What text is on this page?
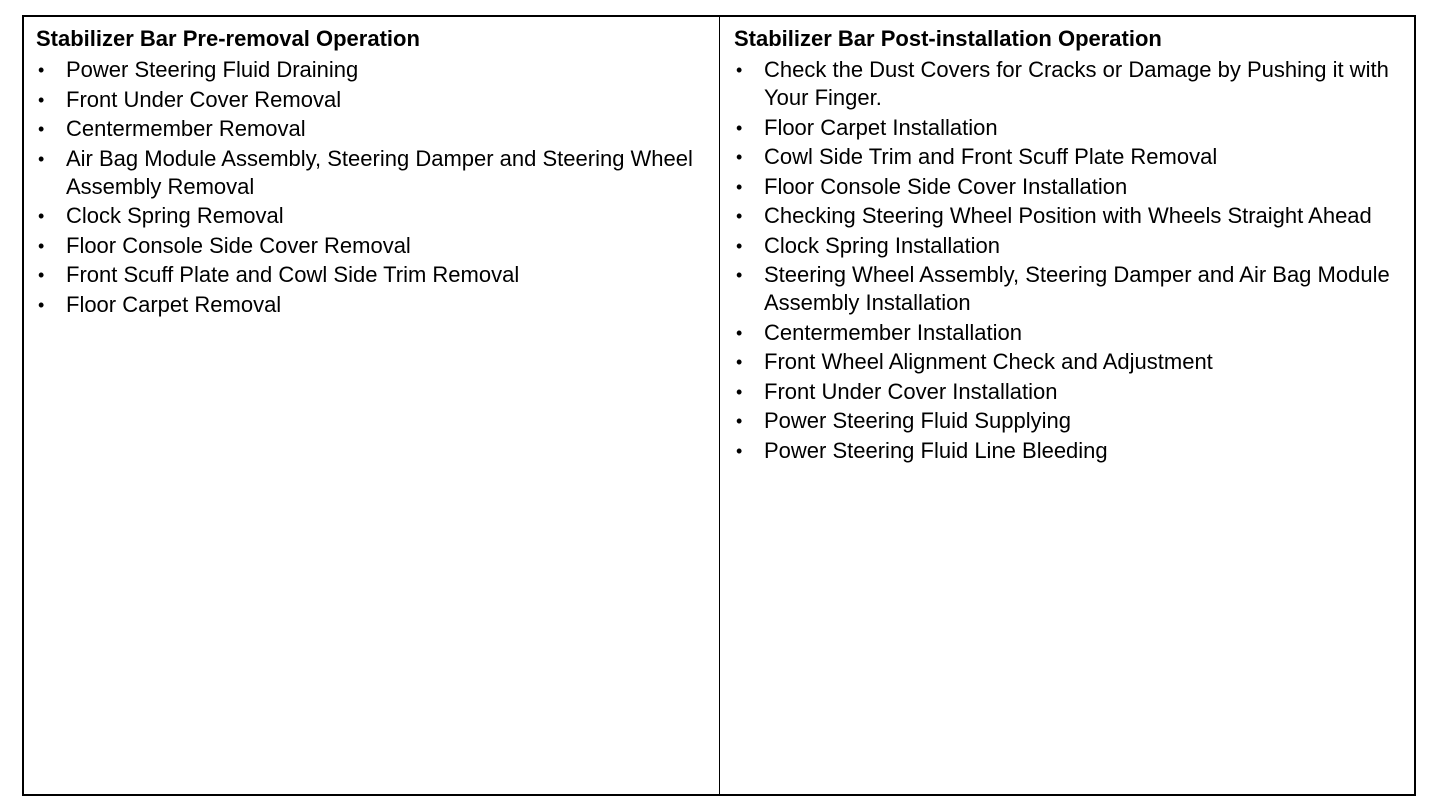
Stabilizer Bar Pre-removal Operation
• Power Steering Fluid Draining
• Front Under Cover Removal
• Centermember Removal
• Air Bag Module Assembly, Steering Damper and Steering Wheel Assembly Removal
• Clock Spring Removal
• Floor Console Side Cover Removal
• Front Scuff Plate and Cowl Side Trim Removal
• Floor Carpet Removal
Stabilizer Bar Post-installation Operation
• Check the Dust Covers for Cracks or Damage by Pushing it with Your Finger.
• Floor Carpet Installation
• Cowl Side Trim and Front Scuff Plate Removal
• Floor Console Side Cover Installation
• Checking Steering Wheel Position with Wheels Straight Ahead
• Clock Spring Installation
• Steering Wheel Assembly, Steering Damper and Air Bag Module Assembly Installation
• Centermember Installation
• Front Wheel Alignment Check and Adjustment
• Front Under Cover Installation
• Power Steering Fluid Supplying
• Power Steering Fluid Line Bleeding
